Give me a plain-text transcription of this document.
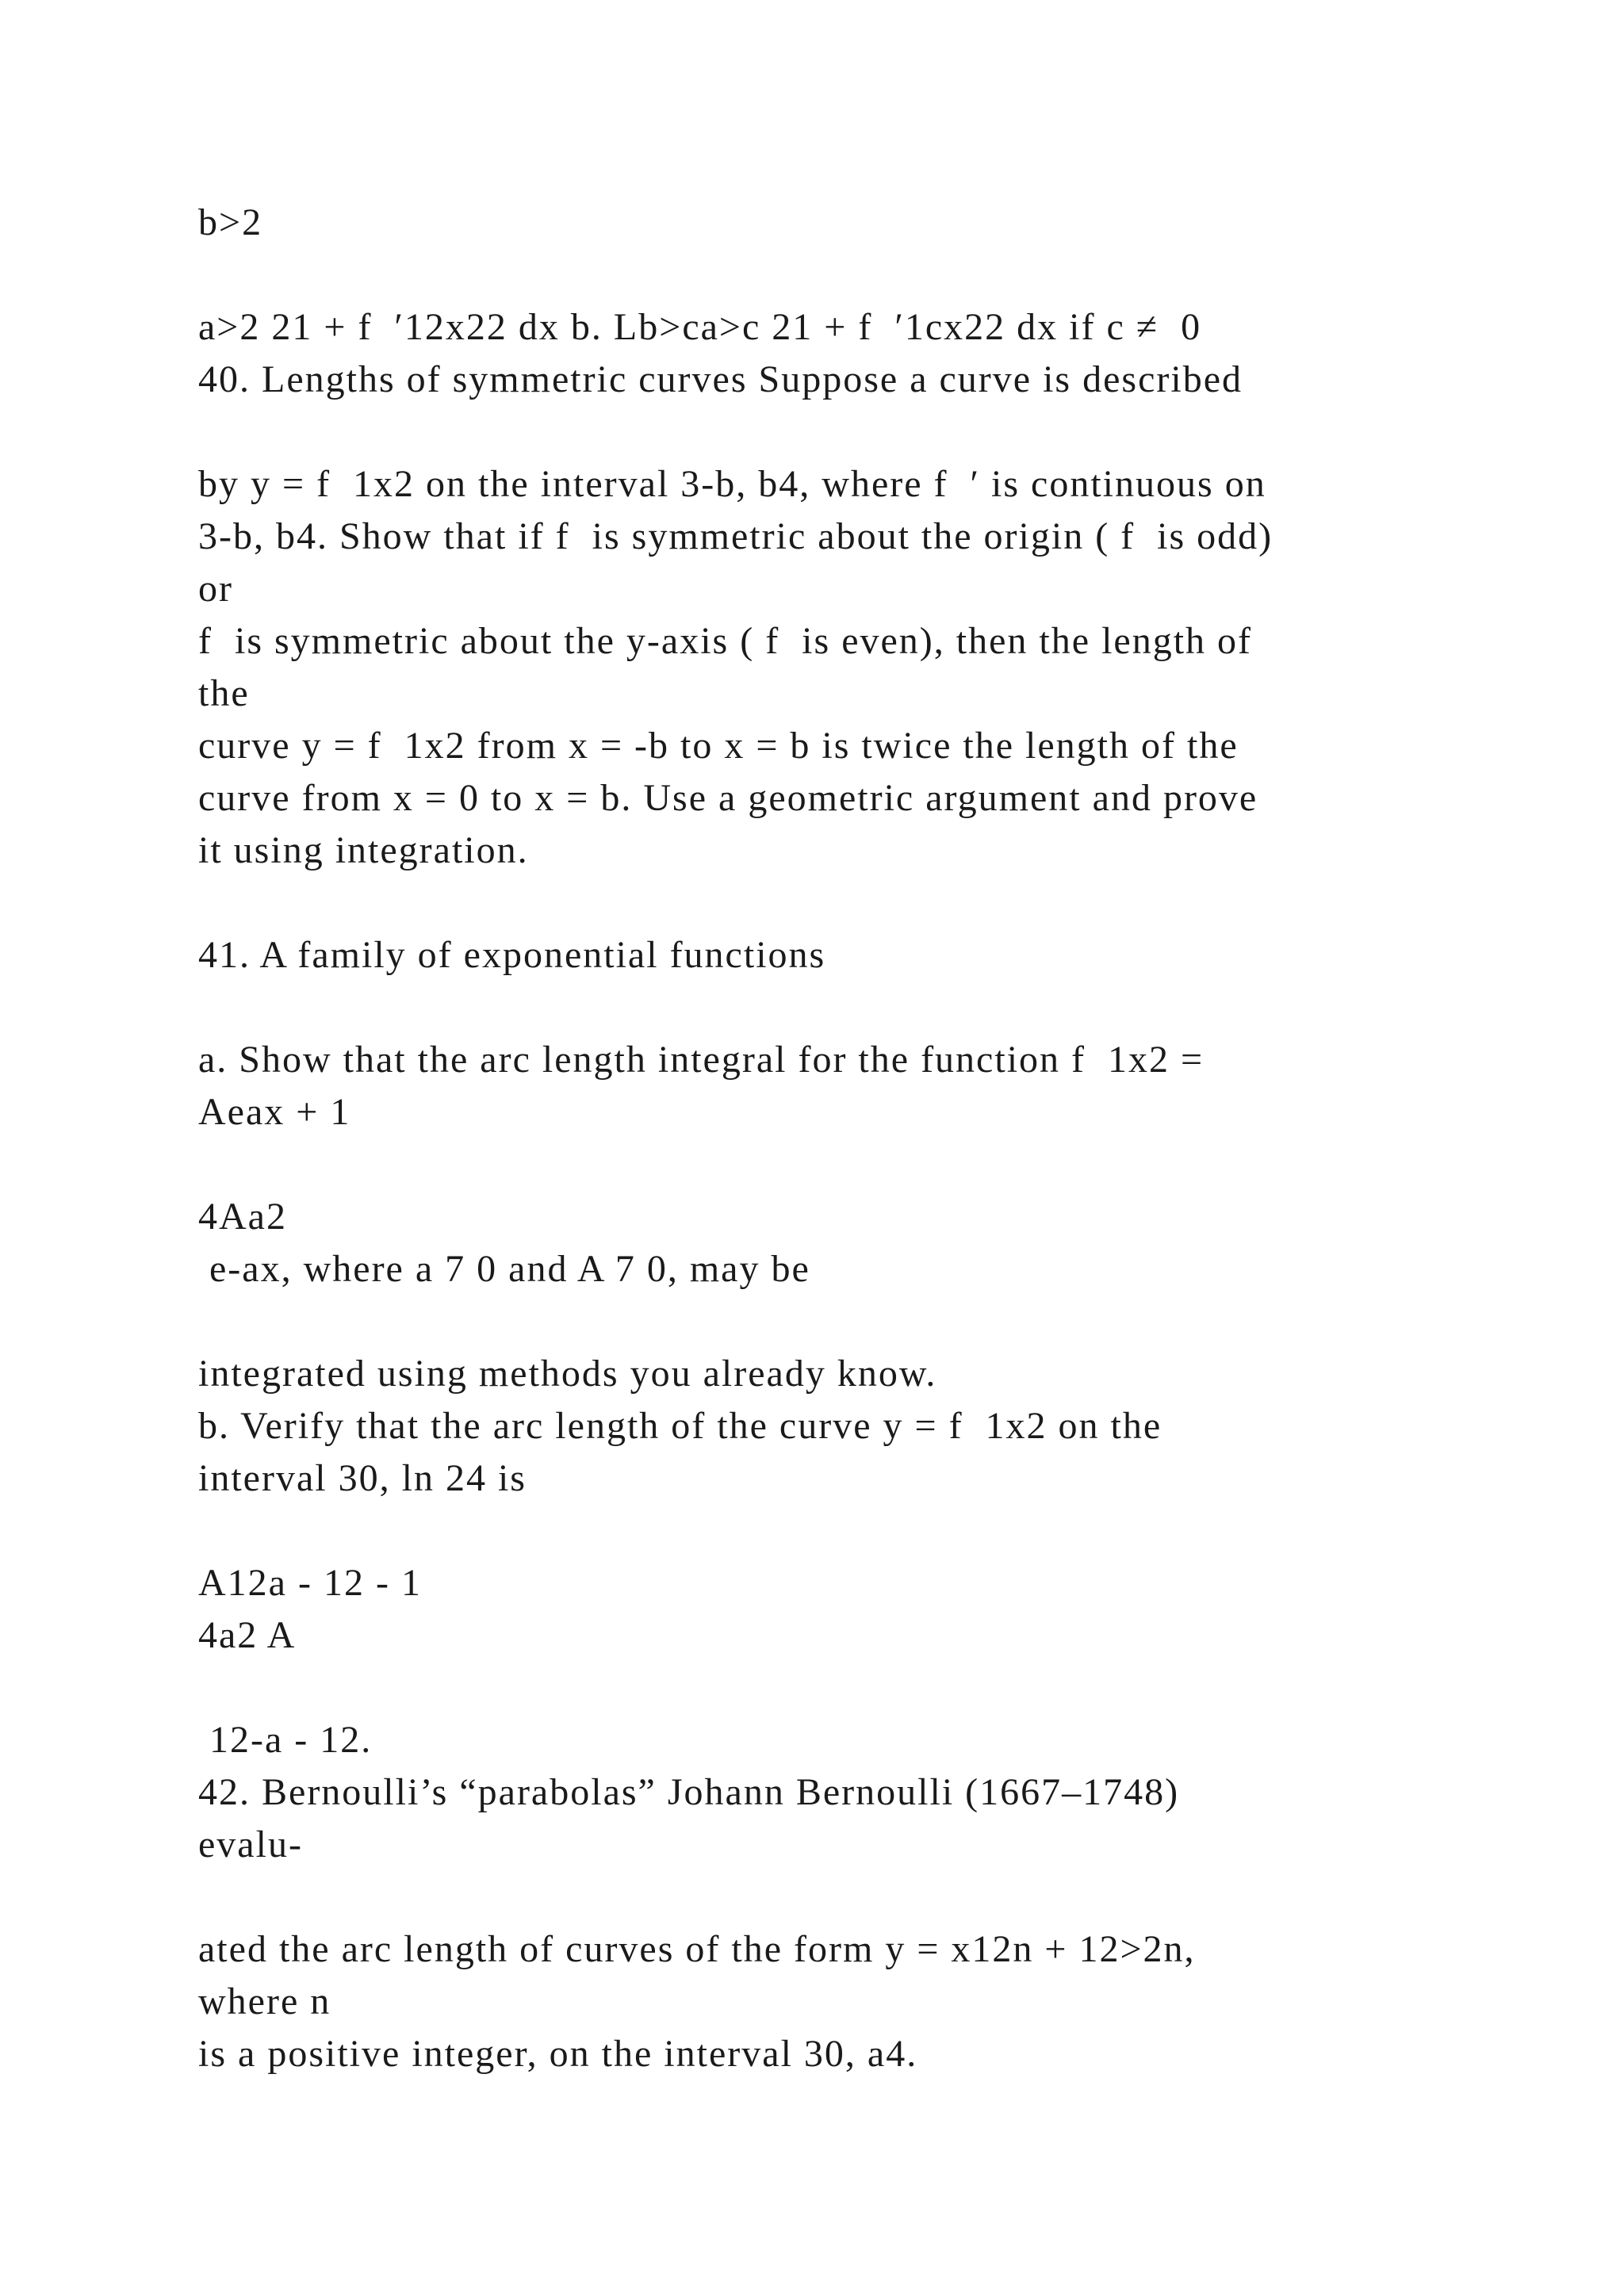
b>2
a>2 21 + f  ′12x22 dx b. Lb>ca>c 21 + f  ′1cx22 dx if c ≠  0
40. Lengths of symmetric curves Suppose a curve is described
by y = f  1x2 on the interval 3-b, b4, where f  ′ is continuous on
3-b, b4. Show that if f  is symmetric about the origin ( f  is odd)
or
f  is symmetric about the y-axis ( f  is even), then the length of
the
curve y = f  1x2 from x = -b to x = b is twice the length of the
curve from x = 0 to x = b. Use a geometric argument and prove
it using integration.
41. A family of exponential functions
a. Show that the arc length integral for the function f  1x2 =
Aeax + 1
4Aa2
e-ax, where a 7 0 and A 7 0, may be
integrated using methods you already know.
b. Verify that the arc length of the curve y = f  1x2 on the
interval 30, ln 24 is
A12a - 12 - 1
4a2 A
12-a - 12.
42. Bernoulli’s “parabolas” Johann Bernoulli (1667–1748)
evalu-
ated the arc length of curves of the form y = x12n + 12>2n,
where n
is a positive integer, on the interval 30, a4.
